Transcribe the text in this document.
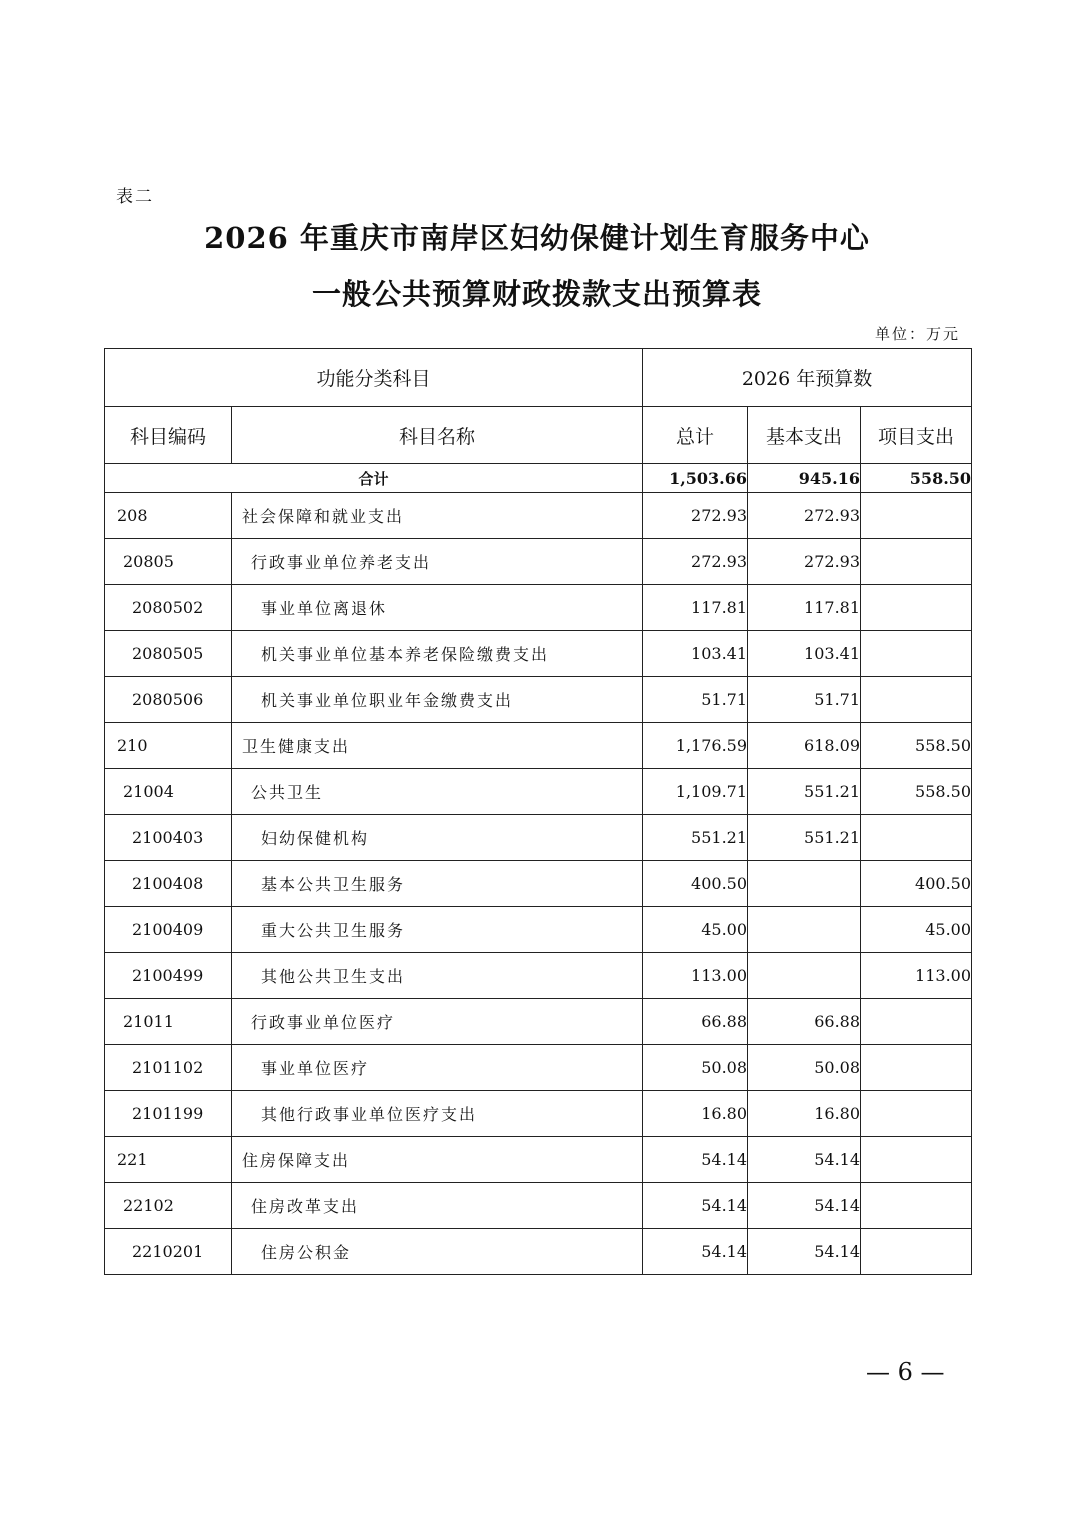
表二
2026 年重庆市南岸区妇幼保健计划生育服务中心
一般公共预算财政拨款支出预算表
单位：万元
功能分类科目		2026 年预算数		
科目编码	科目名称	总计	基本支出	项目支出
合计		1,503.66	945.16	558.50
208	社会保障和就业支出	272.93	272.93	
20805	行政事业单位养老支出	272.93	272.93	
2080502	事业单位离退休	117.81	117.81	
2080505	机关事业单位基本养老保险缴费支出	103.41	103.41	
2080506	机关事业单位职业年金缴费支出	51.71	51.71	
210	卫生健康支出	1,176.59	618.09	558.50
21004	公共卫生	1,109.71	551.21	558.50
2100403	妇幼保健机构	551.21	551.21	
2100408	基本公共卫生服务	400.50		400.50
2100409	重大公共卫生服务	45.00		45.00
2100499	其他公共卫生支出	113.00		113.00
21011	行政事业单位医疗	66.88	66.88	
2101102	事业单位医疗	50.08	50.08	
2101199	其他行政事业单位医疗支出	16.80	16.80	
221	住房保障支出	54.14	54.14	
22102	住房改革支出	54.14	54.14	
2210201	住房公积金	54.14	54.14	
— 6 —
